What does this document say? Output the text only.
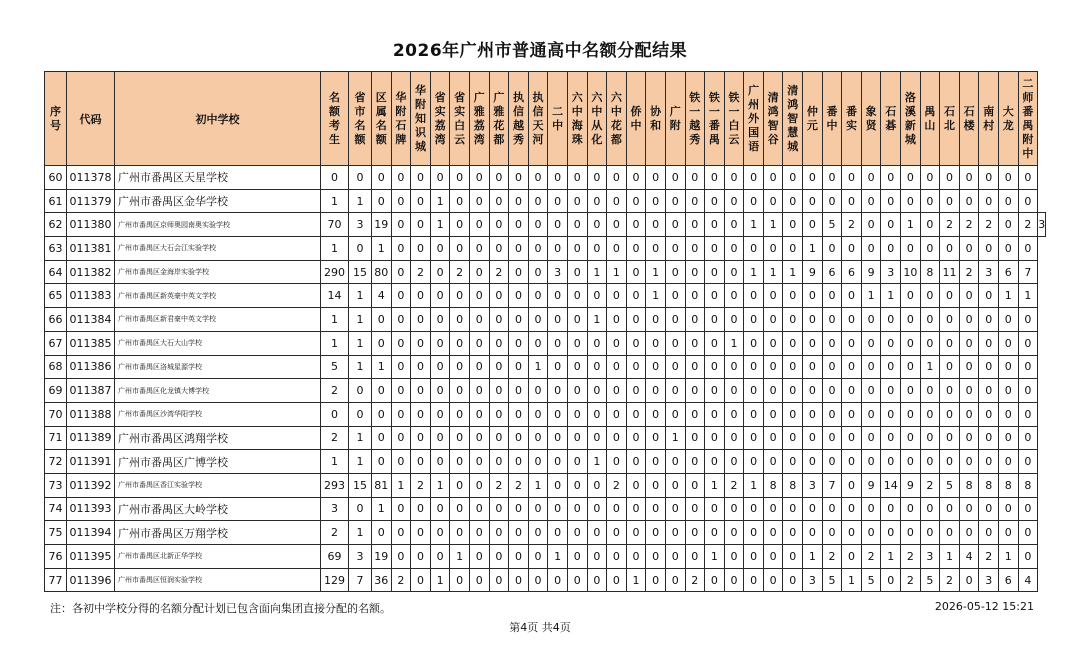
2026年广州市普通高中名额分配结果
序号	代码	初中学校	名额考生	省市名额	区属名额	华附石牌	华附知识城	省实荔湾	省实白云	广雅荔湾	广雅花都	执信越秀	执信天河	二中	六中海珠	六中从化	六中花都	侨中	协和	广附	铁一越秀	铁一番禺	铁一白云	广州外国语	清鸿智谷	清鸿智慧城	仲元	番中	番实	象贤	石碁	洛溪新城	禺山	石北	石楼	南村	大龙	二师番禺附中	
60	011378	广州市番禺区天星学校	0	0	0	0	0	0	0	0	0	0	0	0	0	0	0	0	0	0	0	0	0	0	0	0	0	0	0	0	0	0	0	0	0	0	0	0	
61	011379	广州市番禺区金华学校	1	1	0	0	0	1	0	0	0	0	0	0	0	0	0	0	0	0	0	0	0	0	0	0	0	0	0	0	0	0	0	0	0	0	0	0	
62	011380	广州市番禺区京师奥园南奥实验学校	70	3	19	0	0	1	0	0	0	0	0	0	0	0	0	0	0	0	0	0	0	1	1	0	0	5	2	0	0	1	0	2	2	2	0	2	3
63	011381	广州市番禺区大石会江实验学校	1	0	1	0	0	0	0	0	0	0	0	0	0	0	0	0	0	0	0	0	0	0	0	0	1	0	0	0	0	0	0	0	0	0	0	0	
64	011382	广州市番禺区金海岸实验学校	290	15	80	0	2	0	2	0	2	0	0	3	0	1	1	0	1	0	0	0	0	1	1	1	9	6	6	9	3	10	8	11	2	3	6	7	
65	011383	广州市番禺区新英豪中英文学校	14	1	4	0	0	0	0	0	0	0	0	0	0	0	0	0	1	0	0	0	0	0	0	0	0	0	0	1	1	0	0	0	0	0	1	1	
66	011384	广州市番禺区新君豪中英文学校	1	1	0	0	0	0	0	0	0	0	0	0	0	1	0	0	0	0	0	0	0	0	0	0	0	0	0	0	0	0	0	0	0	0	0	0	
67	011385	广州市番禺区大石大山学校	1	1	0	0	0	0	0	0	0	0	0	0	0	0	0	0	0	0	0	0	1	0	0	0	0	0	0	0	0	0	0	0	0	0	0	0	
68	011386	广州市番禺区洛城星源学校	5	1	1	0	0	0	0	0	0	0	1	0	0	0	0	0	0	0	0	0	0	0	0	0	0	0	0	0	0	0	1	0	0	0	0	0	
69	011387	广州市番禺区化龙镇大博学校	2	0	0	0	0	0	0	0	0	0	0	0	0	0	0	0	0	0	0	0	0	0	0	0	0	0	0	0	0	0	0	0	0	0	0	0	
70	011388	广州市番禺区沙湾华阳学校	0	0	0	0	0	0	0	0	0	0	0	0	0	0	0	0	0	0	0	0	0	0	0	0	0	0	0	0	0	0	0	0	0	0	0	0	
71	011389	广州市番禺区鸿翔学校	2	1	0	0	0	0	0	0	0	0	0	0	0	0	0	0	0	1	0	0	0	0	0	0	0	0	0	0	0	0	0	0	0	0	0	0	
72	011391	广州市番禺区广博学校	1	1	0	0	0	0	0	0	0	0	0	0	0	1	0	0	0	0	0	0	0	0	0	0	0	0	0	0	0	0	0	0	0	0	0	0	
73	011392	广州市番禺区香江实验学校	293	15	81	1	2	1	0	0	2	2	1	0	0	0	2	0	0	0	0	1	2	1	8	8	3	7	0	9	14	9	2	5	8	8	8	8	
74	011393	广州市番禺区大岭学校	3	0	1	0	0	0	0	0	0	0	0	0	0	0	0	0	0	0	0	0	0	0	0	0	0	0	0	0	0	0	0	0	0	0	0	0	
75	011394	广州市番禺区万翔学校	2	1	0	0	0	0	0	0	0	0	0	0	0	0	0	0	0	0	0	0	0	0	0	0	0	0	0	0	0	0	0	0	0	0	0	0	
76	011395	广州市番禺区北新正华学校	69	3	19	0	0	0	1	0	0	0	0	1	0	0	0	0	0	0	0	1	0	0	0	0	1	2	0	2	1	2	3	1	4	2	1	0	
77	011396	广州市番禺区恒润实验学校	129	7	36	2	0	1	0	0	0	0	0	0	0	0	0	1	0	0	2	0	0	0	0	0	3	5	1	5	0	2	5	2	0	3	6	4	
注：各初中学校分得的名额分配计划已包含面向集团直接分配的名额。	2026-05-12 15:21
第4页 共4页
